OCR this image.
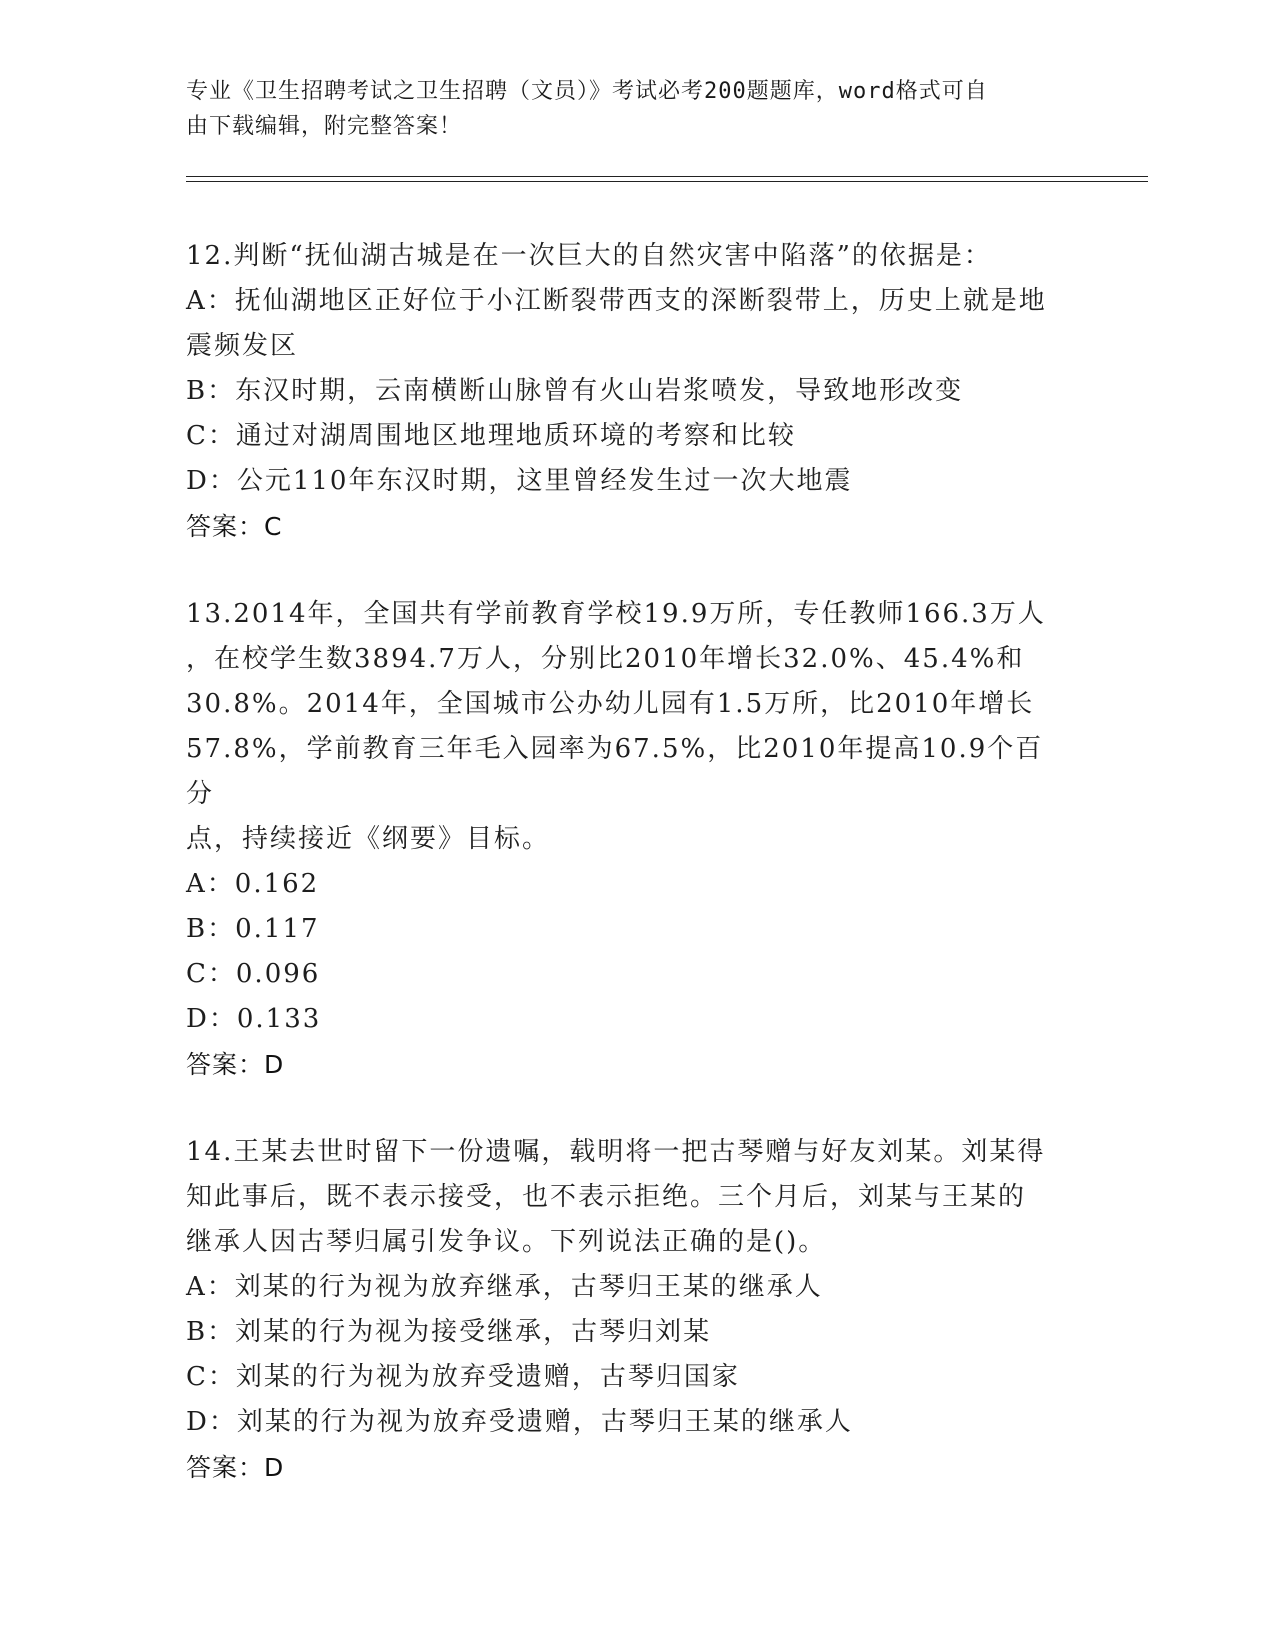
专业《卫生招聘考试之卫生招聘（文员）》考试必考200题题库，word格式可自
由下载编辑，附完整答案！
12.判断“抚仙湖古城是在一次巨大的自然灾害中陷落”的依据是：
A：抚仙湖地区正好位于小江断裂带西支的深断裂带上，历史上就是地
震频发区
B：东汉时期，云南横断山脉曾有火山岩浆喷发，导致地形改变
C：通过对湖周围地区地理地质环境的考察和比较
D：公元110年东汉时期，这里曾经发生过一次大地震
答案：C
13.2014年，全国共有学前教育学校19.9万所，专任教师166.3万人
，在校学生数3894.7万人，分别比2010年增长32.0%、45.4%和
30.8%。2014年，全国城市公办幼儿园有1.5万所，比2010年增长
57.8%，学前教育三年毛入园率为67.5%，比2010年提高10.9个百分
点，持续接近《纲要》目标。
A：0.162
B：0.117
C：0.096
D：0.133
答案：D
14.王某去世时留下一份遗嘱，载明将一把古琴赠与好友刘某。刘某得
知此事后，既不表示接受，也不表示拒绝。三个月后，刘某与王某的
继承人因古琴归属引发争议。下列说法正确的是()。
A：刘某的行为视为放弃继承，古琴归王某的继承人
B：刘某的行为视为接受继承，古琴归刘某
C：刘某的行为视为放弃受遗赠，古琴归国家
D：刘某的行为视为放弃受遗赠，古琴归王某的继承人
答案：D
